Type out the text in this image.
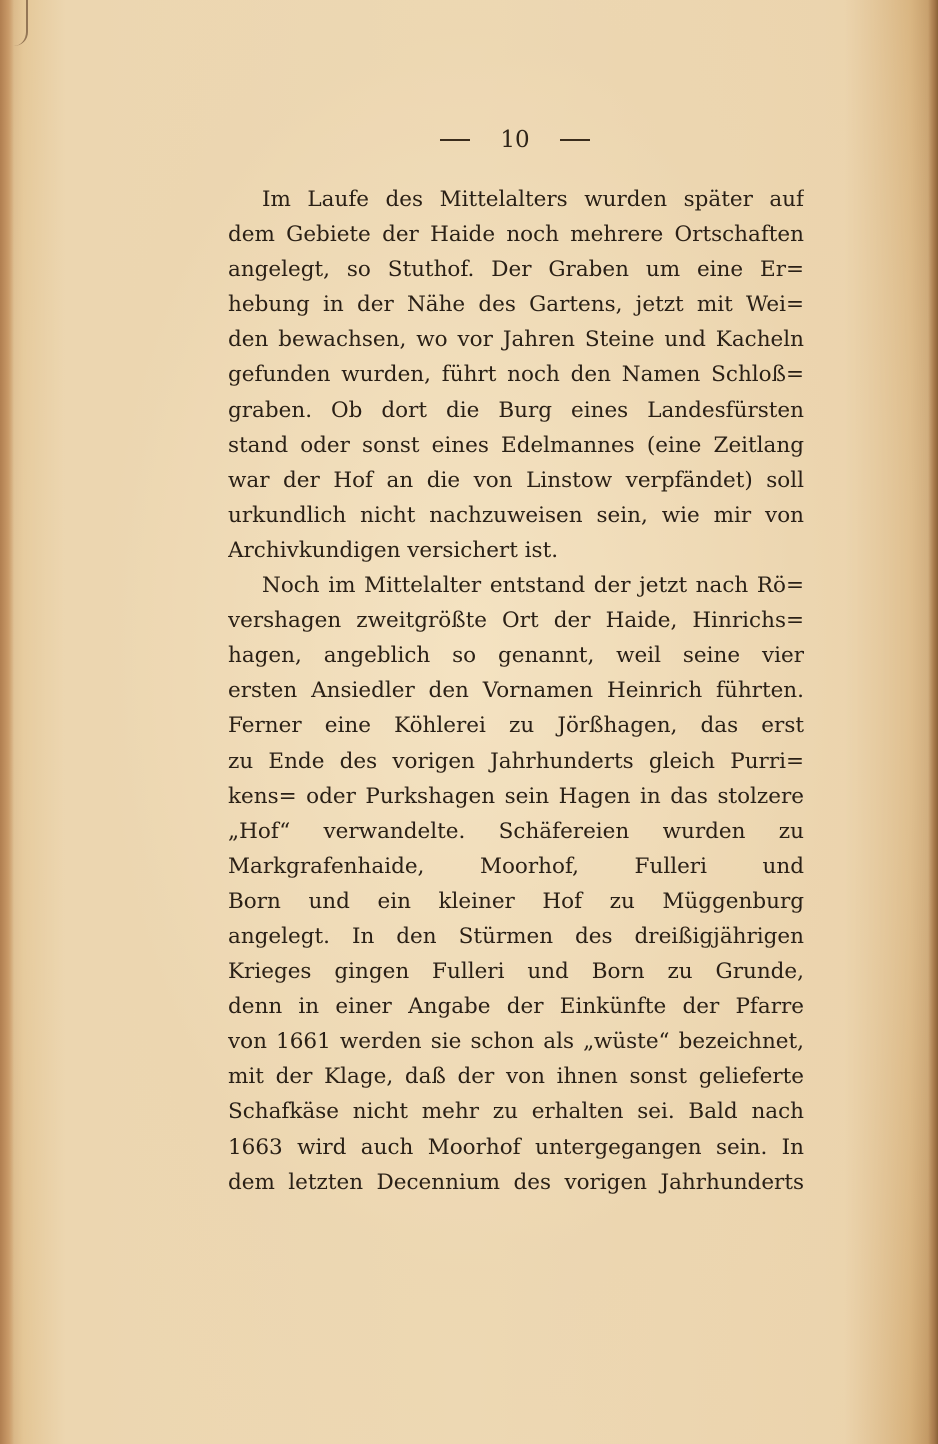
10
Im Laufe des Mittelalters wurden später auf
dem Gebiete der Haide noch mehrere Ortschaften
angelegt, so Stuthof. Der Graben um eine Er=
hebung in der Nähe des Gartens, jetzt mit Wei=
den bewachsen, wo vor Jahren Steine und Kacheln
gefunden wurden, führt noch den Namen Schloß=
graben. Ob dort die Burg eines Landesfürsten
stand oder sonst eines Edelmannes (eine Zeitlang
war der Hof an die von Linstow verpfändet) soll
urkundlich nicht nachzuweisen sein, wie mir von
Archivkundigen versichert ist.
Noch im Mittelalter entstand der jetzt nach Rö=
vershagen zweitgrößte Ort der Haide, Hinrichs=
hagen, angeblich so genannt, weil seine vier
ersten Ansiedler den Vornamen Heinrich führten.
Ferner eine Köhlerei zu Jörßhagen, das erst
zu Ende des vorigen Jahrhunderts gleich Purri=
kens= oder Purkshagen sein Hagen in das stolzere
„Hof“ verwandelte. Schäfereien wurden zu
Markgrafenhaide, Moorhof, Fulleri und
Born und ein kleiner Hof zu Müggenburg
angelegt. In den Stürmen des dreißigjährigen
Krieges gingen Fulleri und Born zu Grunde,
denn in einer Angabe der Einkünfte der Pfarre
von 1661 werden sie schon als „wüste“ bezeichnet,
mit der Klage, daß der von ihnen sonst gelieferte
Schafkäse nicht mehr zu erhalten sei. Bald nach
1663 wird auch Moorhof untergegangen sein. In
dem letzten Decennium des vorigen Jahrhunderts
